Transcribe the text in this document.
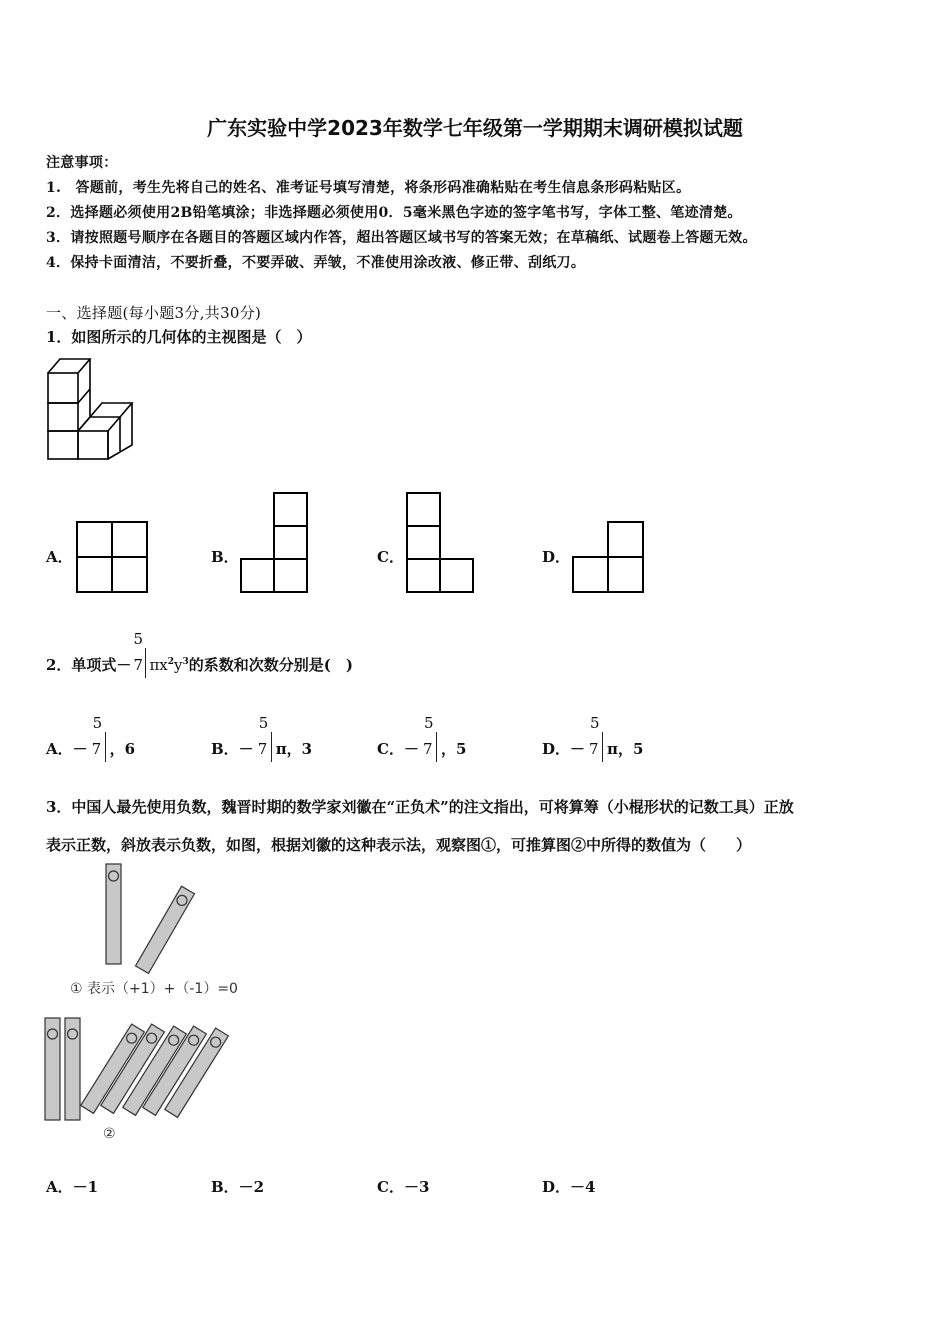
广东实验中学2023年数学七年级第一学期期末调研模拟试题
注意事项：
1.　答题前，考生先将自己的姓名、准考证号填写清楚，将条形码准确粘贴在考生信息条形码粘贴区。
2．选择题必须使用2B铅笔填涂；非选择题必须使用0．5毫米黑色字迹的签字笔书写，字体工整、笔迹清楚。
3．请按照题号顺序在各题目的答题区域内作答，超出答题区域书写的答案无效；在草稿纸、试题卷上答题无效。
4．保持卡面清洁，不要折叠，不要弄破、弄皱，不准使用涂改液、修正带、刮纸刀。
一、选择题(每小题3分,共30分)
1．如图所示的几何体的主视图是（　）
A．	B．	C．	D．
2．单项式－
5
7 $\pi x^2y^3$的系数和次数分别是(　)
A．－
5
7 ，6	B．－
5
7 π，3	C．－
5
7 ，5	D．－
5
7 π，5
3．中国人最先使用负数，魏晋时期的数学家刘徽在“正负术”的注文指出，可将算筹（小棍形状的记数工具）正放
表示正数，斜放表示负数，如图，根据刘徽的这种表示法，观察图①，可推算图②中所得的数值为（　　）
① 表示（+1）+（-1）=0
②
A．－1	B．－2	C．－3	D．－4
